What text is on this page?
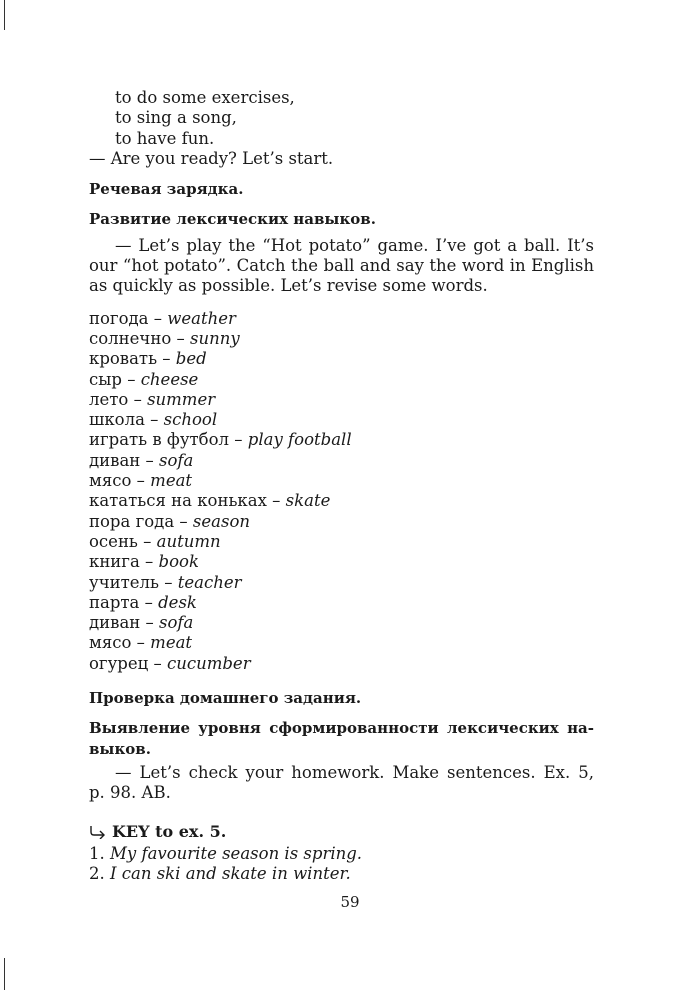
to do some exercises,
to sing a song,
to have fun.
— Are you ready? Let’s start.
Речевая зарядка.
Развитие лексических навыков.
— Let’s play the “Hot potato” game. I’ve got a ball. It’s
our “hot potato”. Catch the ball and say the word in English
as quickly as possible. Let’s revise some words.
погода – weather
солнечно – sunny
кровать – bed
сыр – cheese
лето – summer
школа – school
играть в футбол – play football
диван – sofa
мясо – meat
кататься на коньках – skate
пора года – season
осень – autumn
книга – book
учитель – teacher
парта – desk
диван – sofa
мясо – meat
огурец – cucumber
Проверка домашнего задания.
Выявление уровня сформированности лексических на-
выков.
— Let’s check your homework. Make sentences. Ex. 5,
p. 98. AB.
KEY to ex. 5.
1. My favourite season is spring.
2. I can ski and skate in winter.
59
